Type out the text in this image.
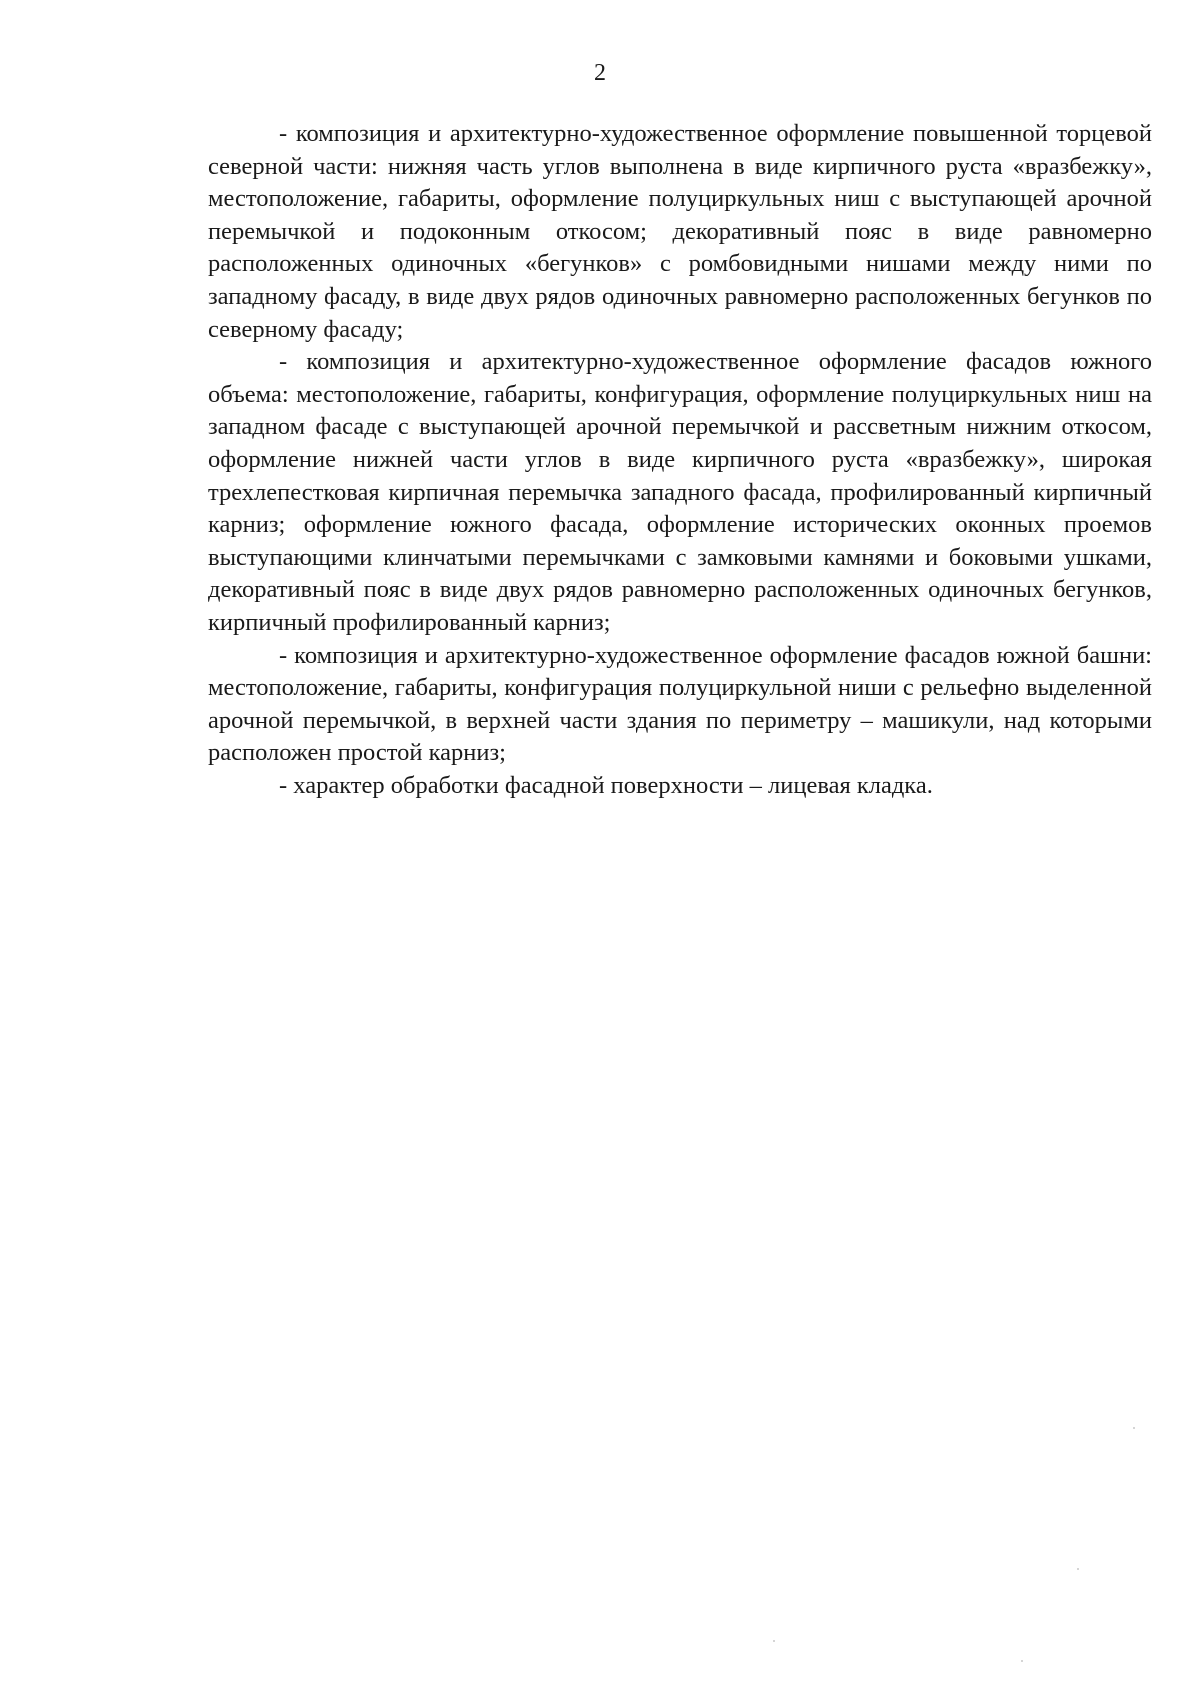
2

- композиция и архитектурно-художественное оформление повышенной торцевой северной части: нижняя часть углов выполнена в виде кирпичного руста «вразбежку», местоположение, габариты, оформление полуциркульных ниш с выступающей арочной перемычкой и подоконным откосом; декоративный пояс в виде равномерно расположенных одиночных «бегунков» с ромбовидными нишами между ними по западному фасаду, в виде двух рядов одиночных равномерно расположенных бегунков по северному фасаду;

- композиция и архитектурно-художественное оформление фасадов южного объема: местоположение, габариты, конфигурация, оформление полуциркульных ниш на западном фасаде с выступающей арочной перемычкой и рассветным нижним откосом, оформление нижней части углов в виде кирпичного руста «вразбежку», широкая трехлепестковая кирпичная перемычка западного фасада, профилированный кирпичный карниз; оформление южного фасада, оформление исторических оконных проемов выступающими клинчатыми перемычками с замковыми камнями и боковыми ушками, декоративный пояс в виде двух рядов равномерно расположенных одиночных бегунков, кирпичный профилированный карниз;

- композиция и архитектурно-художественное оформление фасадов южной башни: местоположение, габариты, конфигурация полуциркульной ниши с рельефно выделенной арочной перемычкой, в верхней части здания по периметру – машикули, над которыми расположен простой карниз;

- характер обработки фасадной поверхности – лицевая кладка.
